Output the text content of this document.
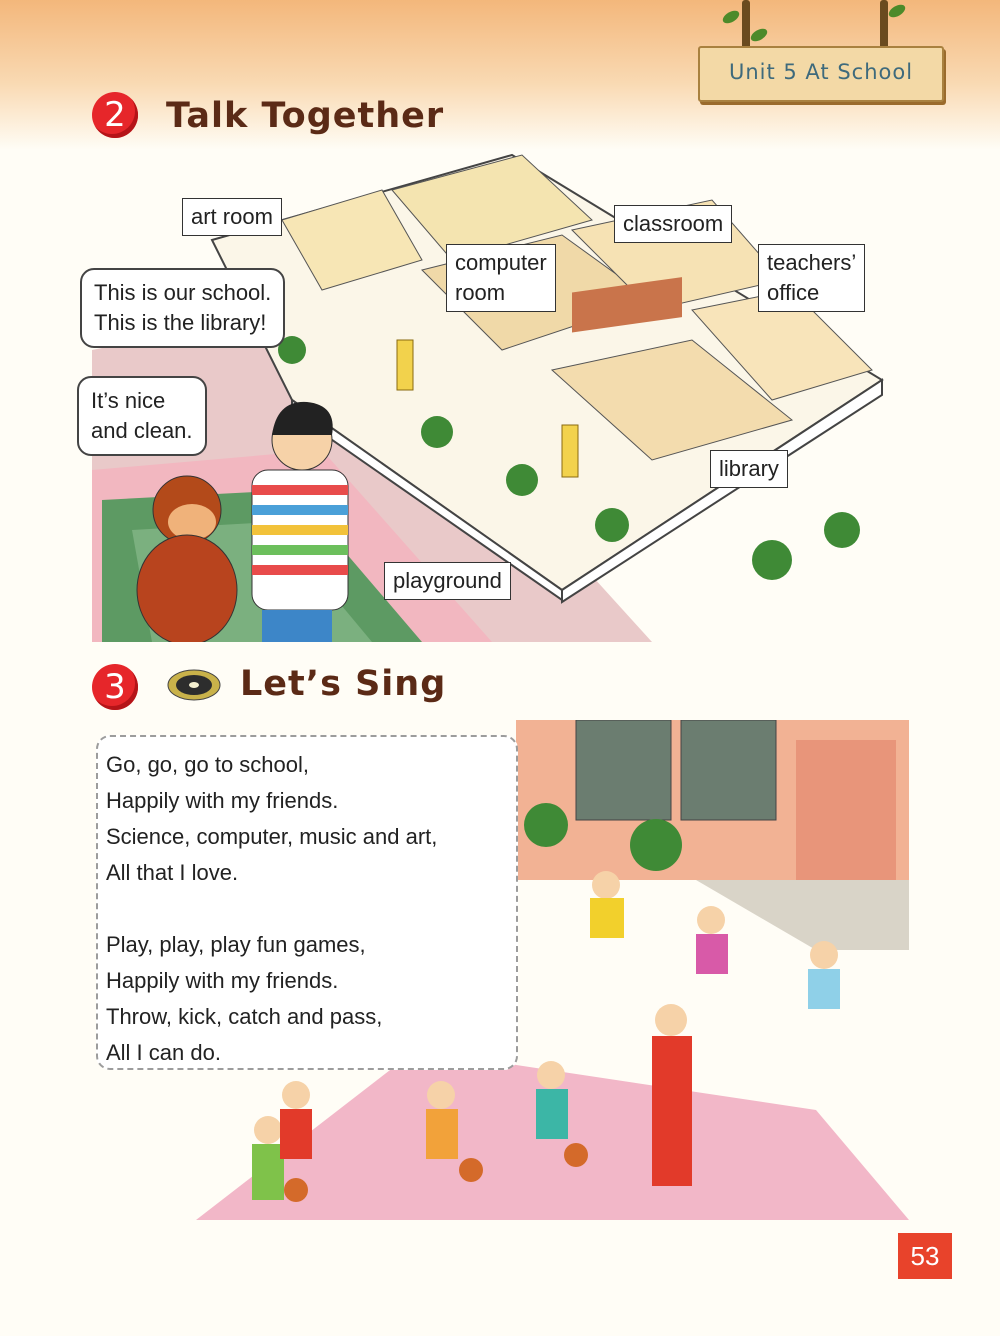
Unit 5 At School
2	Talk Together
art room	classroom
computer
room
teachers’
office
library
playground
This is our school.
This is the library!
It’s nice
and clean.
3	Let’s Sing
Go, go, go to school,
Happily with my friends.
Science, computer, music and art,
All that I love.
Play, play, play fun games,
Happily with my friends.
Throw, kick, catch and pass,
All I can do.
53
